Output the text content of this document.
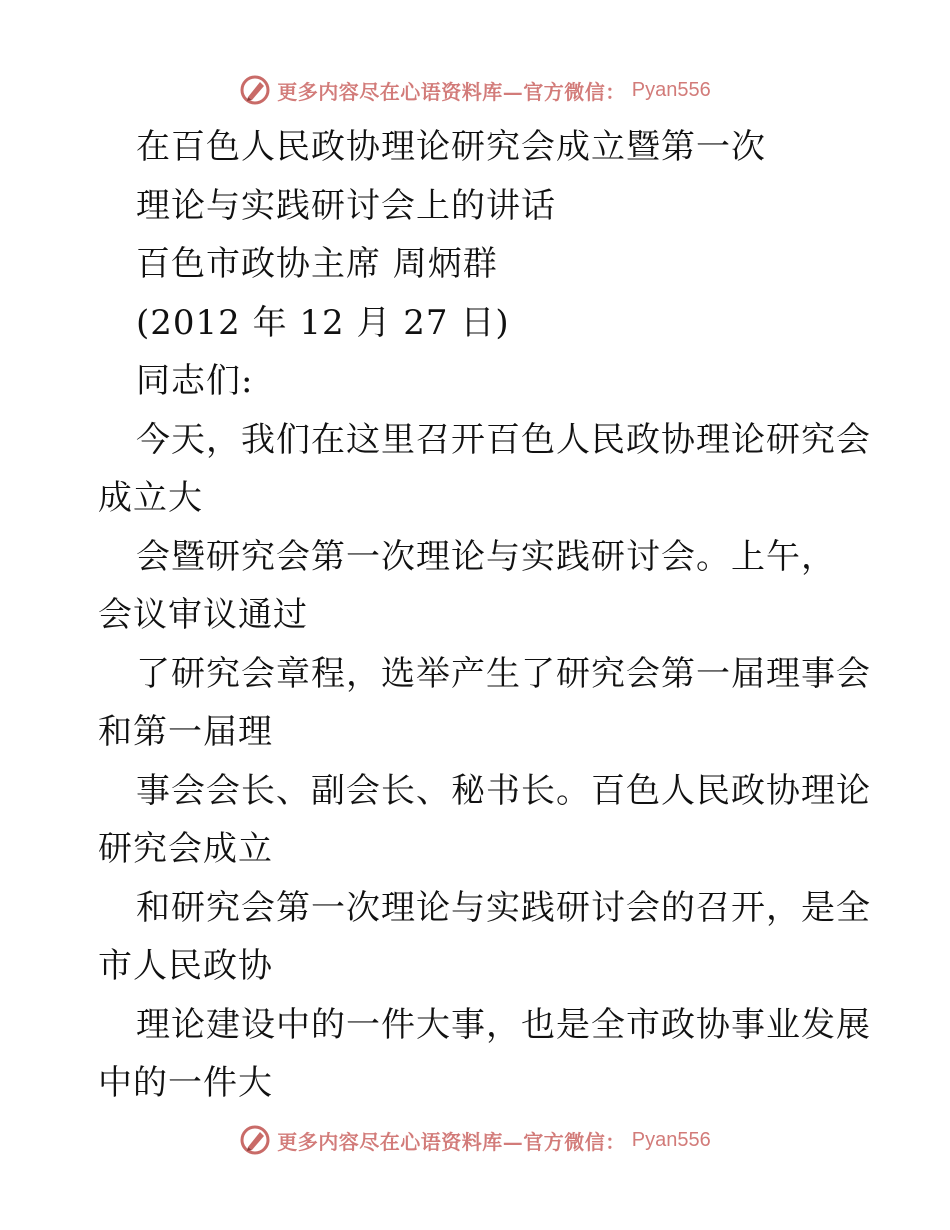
更多内容尽在心语资料库—官方微信： Pyan556
在百色人民政协理论研究会成立暨第一次
理论与实践研讨会上的讲话
百色市政协主席 周炳群
(2012 年 12 月 27 日)
同志们:
今天，我们在这里召开百色人民政协理论研究会
成立大
会暨研究会第一次理论与实践研讨会。上午，
会议审议通过
了研究会章程，选举产生了研究会第一届理事会
和第一届理
事会会长、副会长、秘书长。百色人民政协理论
研究会成立
和研究会第一次理论与实践研讨会的召开，是全
市人民政协
理论建设中的一件大事，也是全市政协事业发展
中的一件大
更多内容尽在心语资料库—官方微信： Pyan556
